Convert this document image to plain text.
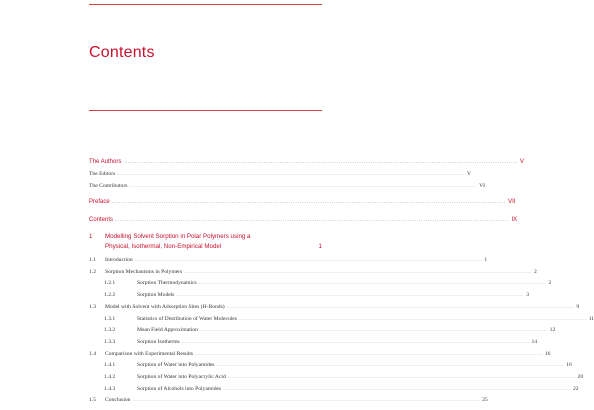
Contents
1 Modelling Solvent Sorption in Polar Polymers using a
Physical, Isothermal, Non-Empirical Model	1
The Authors .............................................................................................................................................................................. V
The Editors .............................................................................................................................................................................. V
The Contributors .............................................................................................................................................................................. VI
Preface .............................................................................................................................................................................. VII
Contents .............................................................................................................................................................................. IX
1.1	Introduction .............................................................................................................................................................................. 1
1.2	Sorption Mechanisms in Polymers .............................................................................................................................................................................. 2
1.2.1	Sorption Thermodynamics .............................................................................................................................................................................. 2
1.2.2	Sorption Models .............................................................................................................................................................................. 3
1.3	Model with Solvent with Adsorption Sites (H-Bonds) .............................................................................................................................................................................. 9
1.3.1	Statistics of Distribution of Water Molecules .............................................................................................................................................................................. 11
1.3.2	Mean Field Approximation .............................................................................................................................................................................. 12
1.3.3	Sorption Isotherms .............................................................................................................................................................................. 14
1.4	Comparison with Experimental Results .............................................................................................................................................................................. 16
1.4.1	Sorption of Water into Polyamides .............................................................................................................................................................................. 16
1.4.2	Sorption of Water into Polyacrylic Acid .............................................................................................................................................................................. 20
1.4.3	Sorption of Alcohols into Polyamides .............................................................................................................................................................................. 22
1.5	Conclusion .............................................................................................................................................................................. 25
